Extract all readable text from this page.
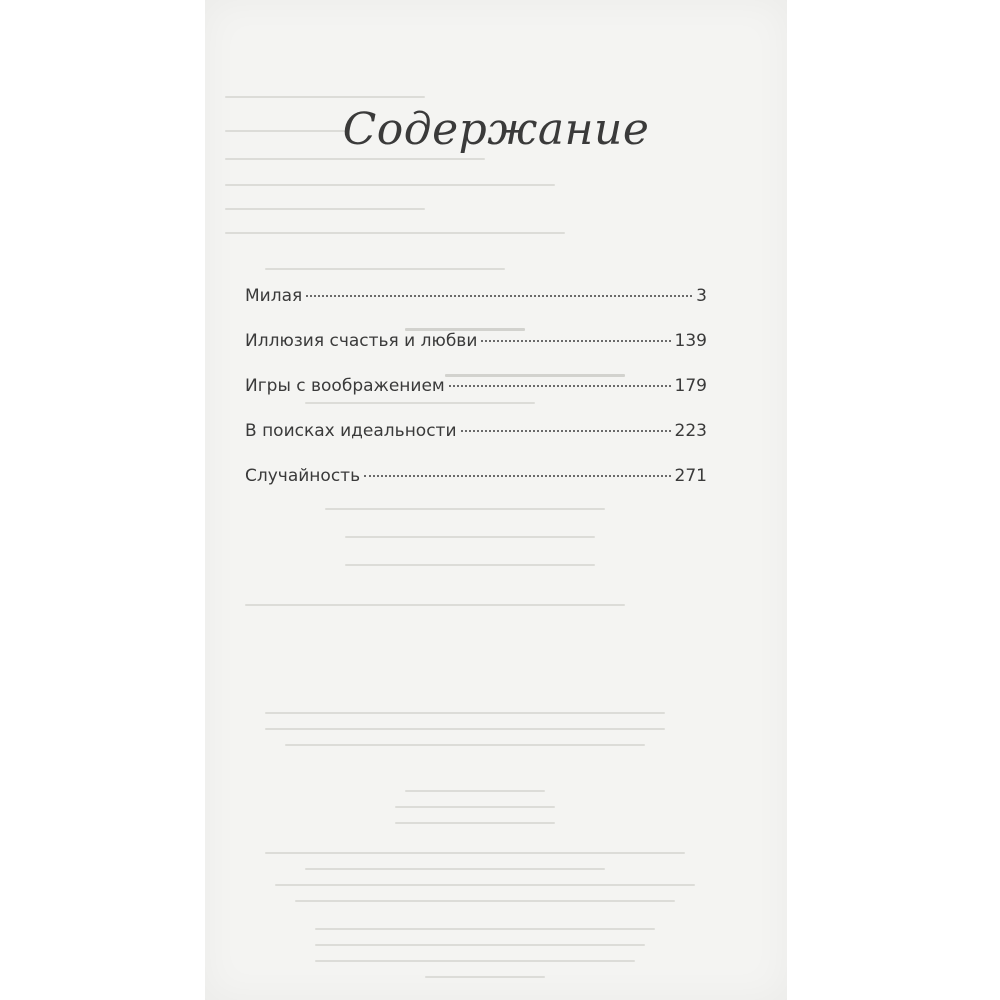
Содержание
Милая	3
Иллюзия счастья и любви	139
Игры с воображением	179
В поисках идеальности	223
Случайность	271
